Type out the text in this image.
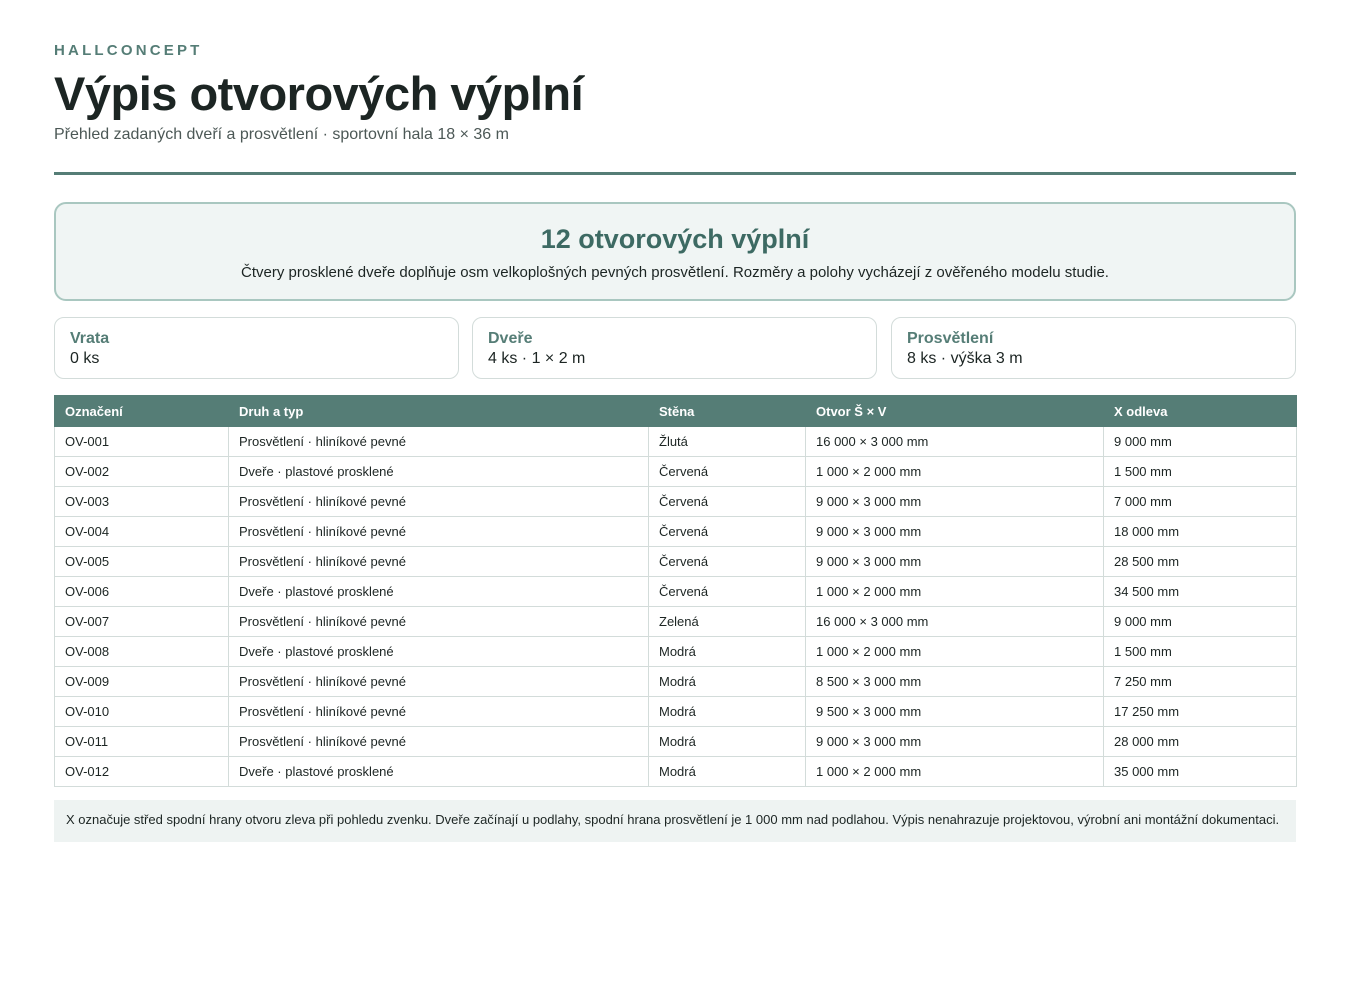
HALLCONCEPT
Výpis otvorových výplní
Přehled zadaných dveří a prosvětlení · sportovní hala 18 × 36 m
12 otvorových výplní
Čtvery prosklené dveře doplňuje osm velkoplošných pevných prosvětlení. Rozměry a polohy vycházejí z ověřeného modelu studie.
Vrata
0 ks
Dveře
4 ks · 1 × 2 m
Prosvětlení
8 ks · výška 3 m
Označení	Druh a typ	Stěna	Otvor Š × V	X odleva
OV-001	Prosvětlení · hliníkové pevné	Žlutá	16 000 × 3 000 mm	9 000 mm
OV-002	Dveře · plastové prosklené	Červená	1 000 × 2 000 mm	1 500 mm
OV-003	Prosvětlení · hliníkové pevné	Červená	9 000 × 3 000 mm	7 000 mm
OV-004	Prosvětlení · hliníkové pevné	Červená	9 000 × 3 000 mm	18 000 mm
OV-005	Prosvětlení · hliníkové pevné	Červená	9 000 × 3 000 mm	28 500 mm
OV-006	Dveře · plastové prosklené	Červená	1 000 × 2 000 mm	34 500 mm
OV-007	Prosvětlení · hliníkové pevné	Zelená	16 000 × 3 000 mm	9 000 mm
OV-008	Dveře · plastové prosklené	Modrá	1 000 × 2 000 mm	1 500 mm
OV-009	Prosvětlení · hliníkové pevné	Modrá	8 500 × 3 000 mm	7 250 mm
OV-010	Prosvětlení · hliníkové pevné	Modrá	9 500 × 3 000 mm	17 250 mm
OV-011	Prosvětlení · hliníkové pevné	Modrá	9 000 × 3 000 mm	28 000 mm
OV-012	Dveře · plastové prosklené	Modrá	1 000 × 2 000 mm	35 000 mm
X označuje střed spodní hrany otvoru zleva při pohledu zvenku. Dveře začínají u podlahy, spodní hrana prosvětlení je 1 000 mm nad podlahou. Výpis nenahrazuje projektovou, výrobní ani montážní dokumentaci.
